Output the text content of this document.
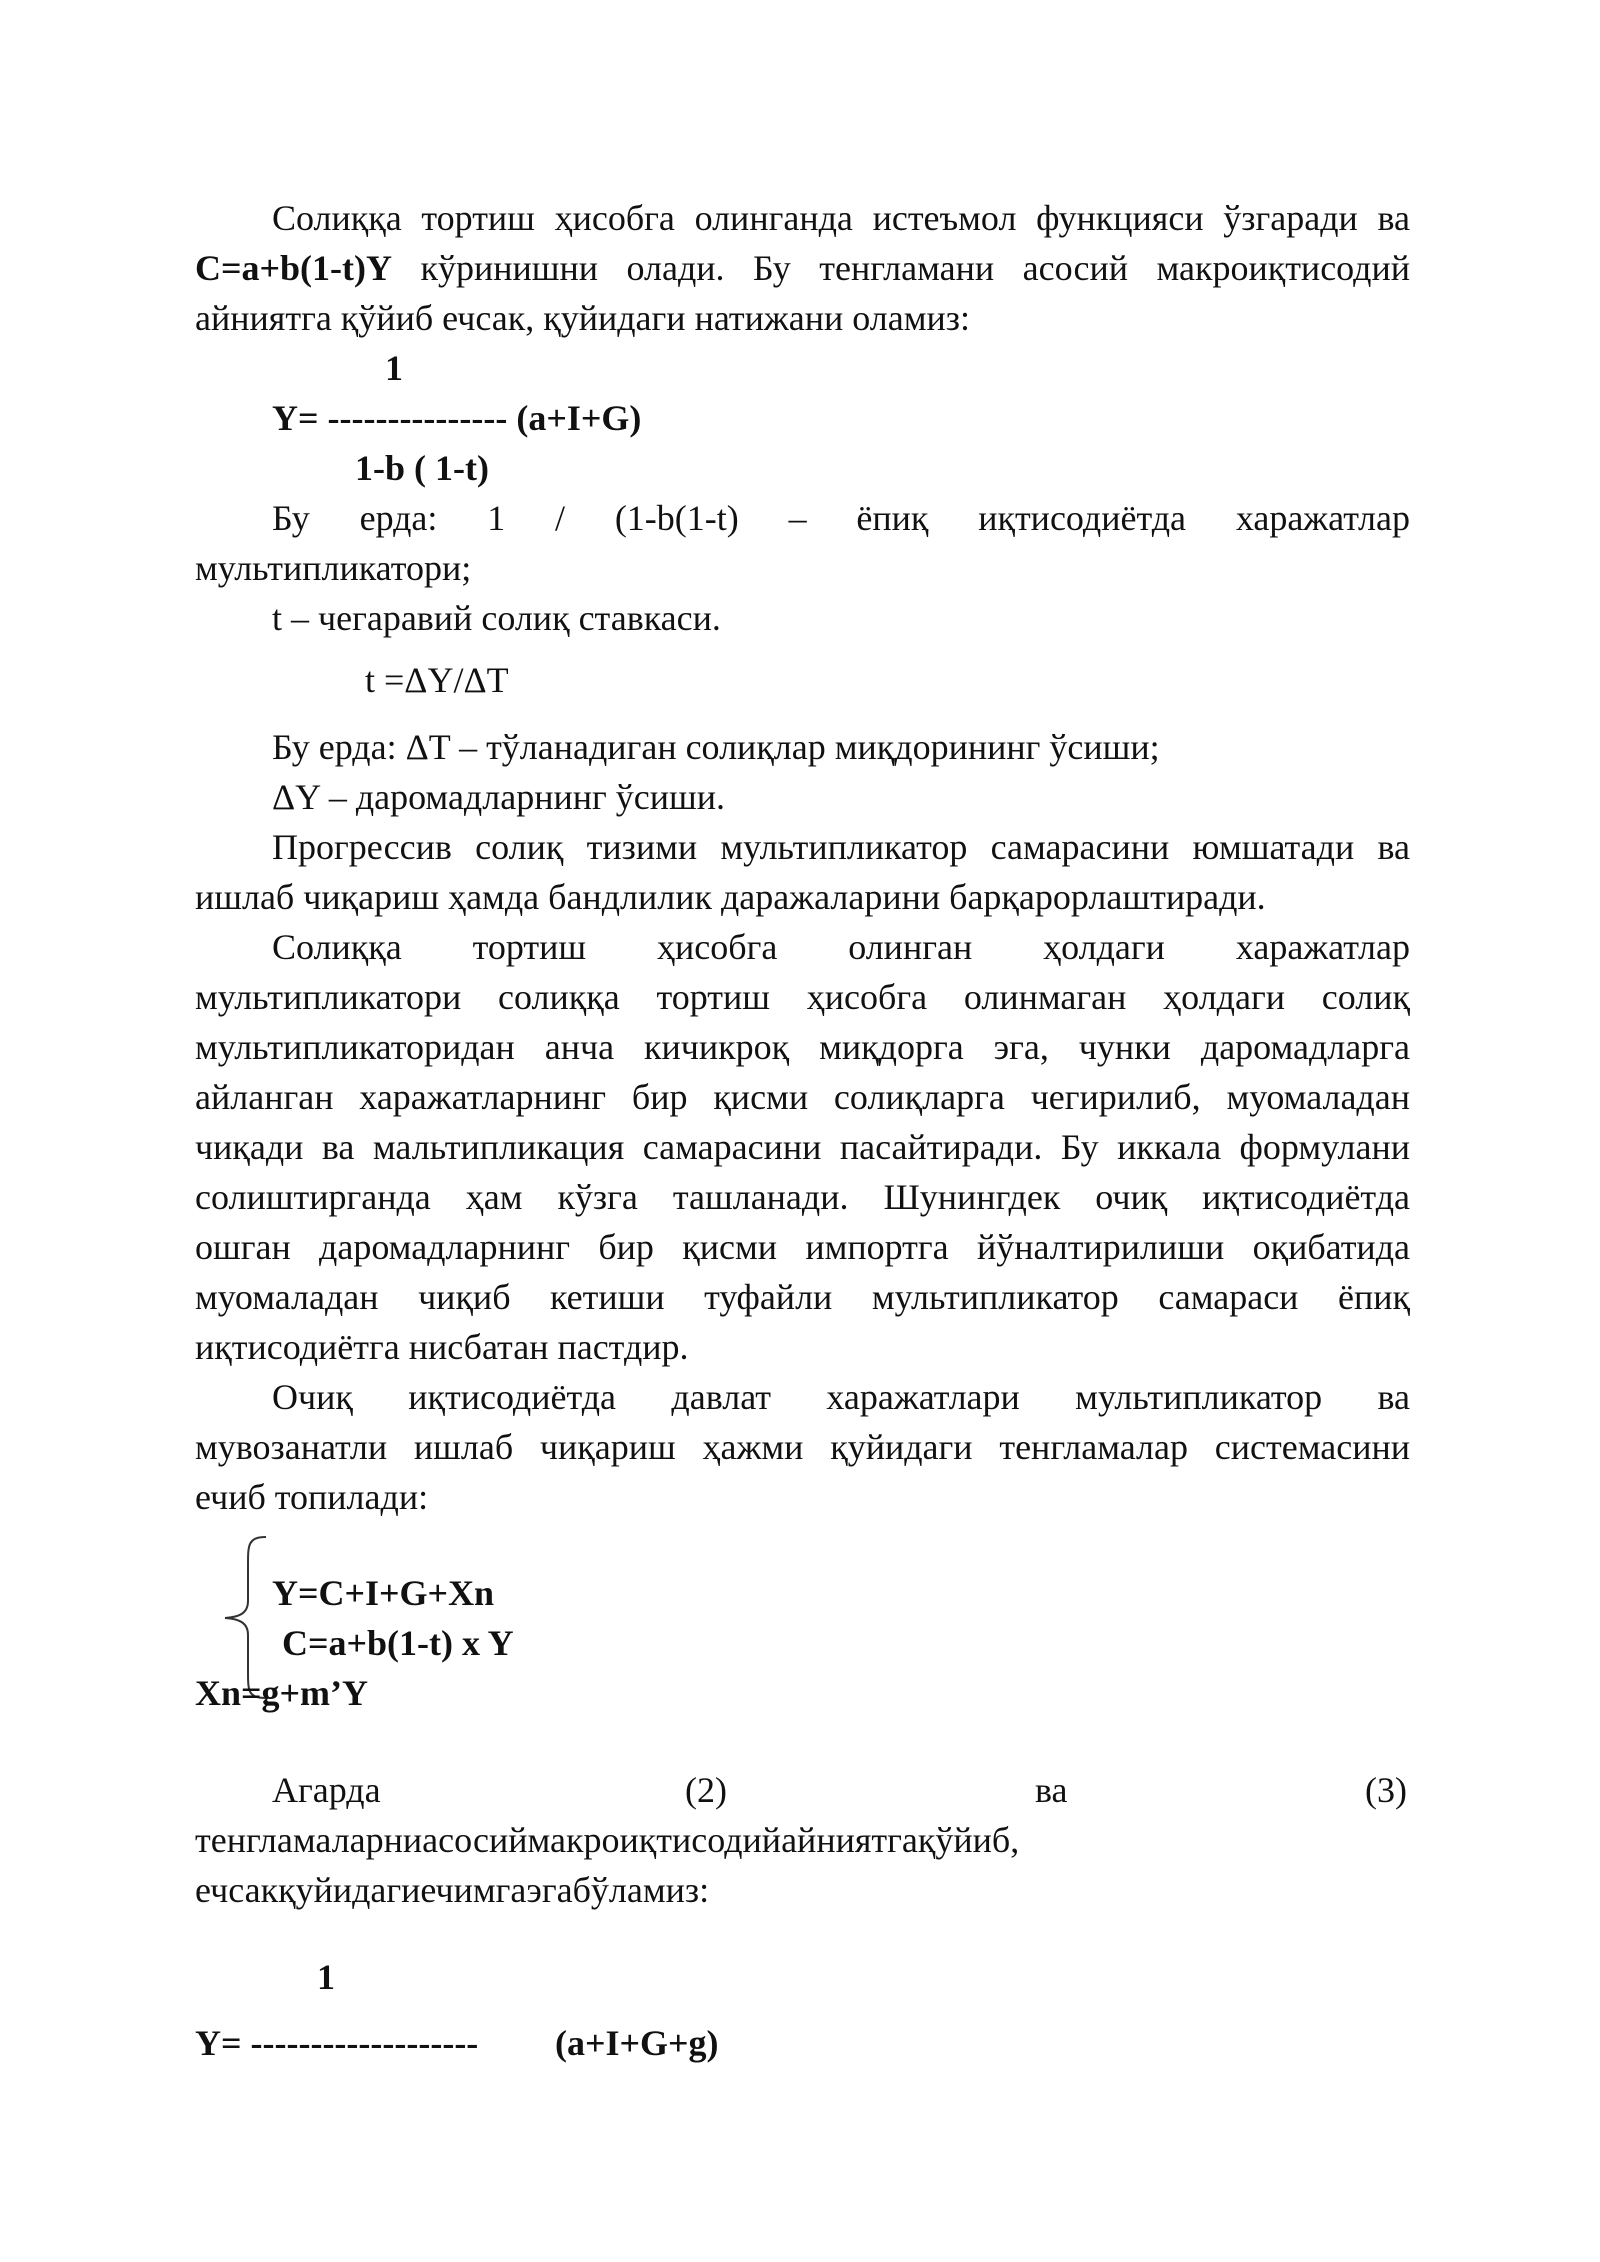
Солиққа тортиш ҳисобга олинганда истеъмол функцияси ўзгаради ва
C=a+b(1-t)Y кўринишни олади. Бу тенгламани асосий макроиқтисодий
айниятга қўйиб ечсак, қуйидаги натижани оламиз:
1
Y= --------------- (a+I+G)
1-b ( 1-t)
Бу ерда: 1 / (1-b(1-t) – ёпиқ иқтисодиётда харажатлар
мультипликатори;
t – чегаравий солиқ ставкаси.
t =ΔY/ΔT
Бу ерда: ΔT – тўланадиган солиқлар миқдорининг ўсиши;
ΔY – даромадларнинг ўсиши.
Прогрессив солиқ тизими мультипликатор самарасини юмшатади ва
ишлаб чиқариш ҳамда бандлилик даражаларини барқарорлаштиради.
Солиққа тортиш ҳисобга олинган ҳолдаги харажатлар
мультипликатори солиққа тортиш ҳисобга олинмаган ҳолдаги солиқ
мультипликаторидан анча кичикроқ миқдорга эга, чунки даромадларга
айланган харажатларнинг бир қисми солиқларга чегирилиб, муомаладан
чиқади ва мальтипликация самарасини пасайтиради. Бу иккала формулани
солиштирганда ҳам кўзга ташланади. Шунингдек очиқ иқтисодиётда
ошган даромадларнинг бир қисми импортга йўналтирилиши оқибатида
муомаладан чиқиб кетиши туфайли мультипликатор самараси ёпиқ
иқтисодиётга нисбатан пастдир.
Очиқ иқтисодиётда давлат харажатлари мультипликатор ва
мувозанатли ишлаб чиқариш ҳажми қуйидаги тенгламалар системасини
ечиб топилади:
Y=C+I+G+Xn
C=a+b(1-t) x Y
Xn=g+m’Y
Агарда	(2)	ва	(3)
тенгламаларниасосиймакроиқтисодийайниятгақўйиб,
ечсакқуйидагиечимгаэгабўламиз:
1
Y= ------------------- (a+I+G+g)
